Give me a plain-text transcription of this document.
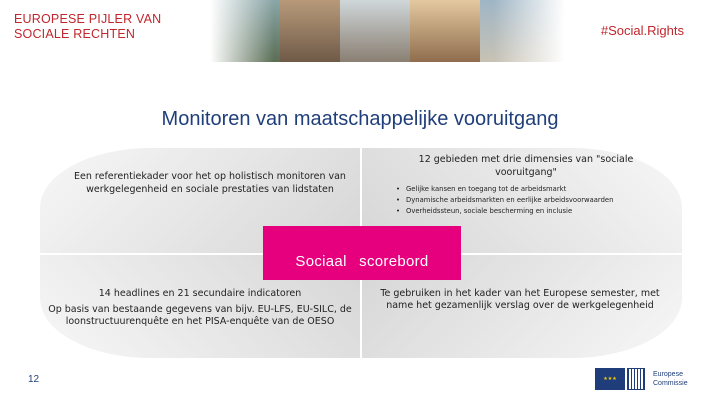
EUROPESE PIJLER VAN
SOCIALE RECHTEN	#Social.Rights
Monitoren van maatschappelijke vooruitgang
Sociaal scorebord
Een referentiekader voor het op holistisch monitoren van werkgelegenheid en sociale prestaties van lidstaten
12 gebieden met drie dimensies van "sociale vooruitgang"
• Gelijke kansen en toegang tot de arbeidsmarkt
• Dynamische arbeidsmarkten en eerlijke arbeidsvoorwaarden
• Overheidssteun, sociale bescherming en inclusie
14 headlines en 21 secundaire indicatoren
Op basis van bestaande gegevens van bijv. EU-LFS, EU-SILC, de loonstructuurenquête en het PISA-enquête van de OESO
Te gebruiken in het kader van het Europese semester, met name het gezamenlijk verslag over de werkgelegenheid
12	★★★
Europese
Commissie
